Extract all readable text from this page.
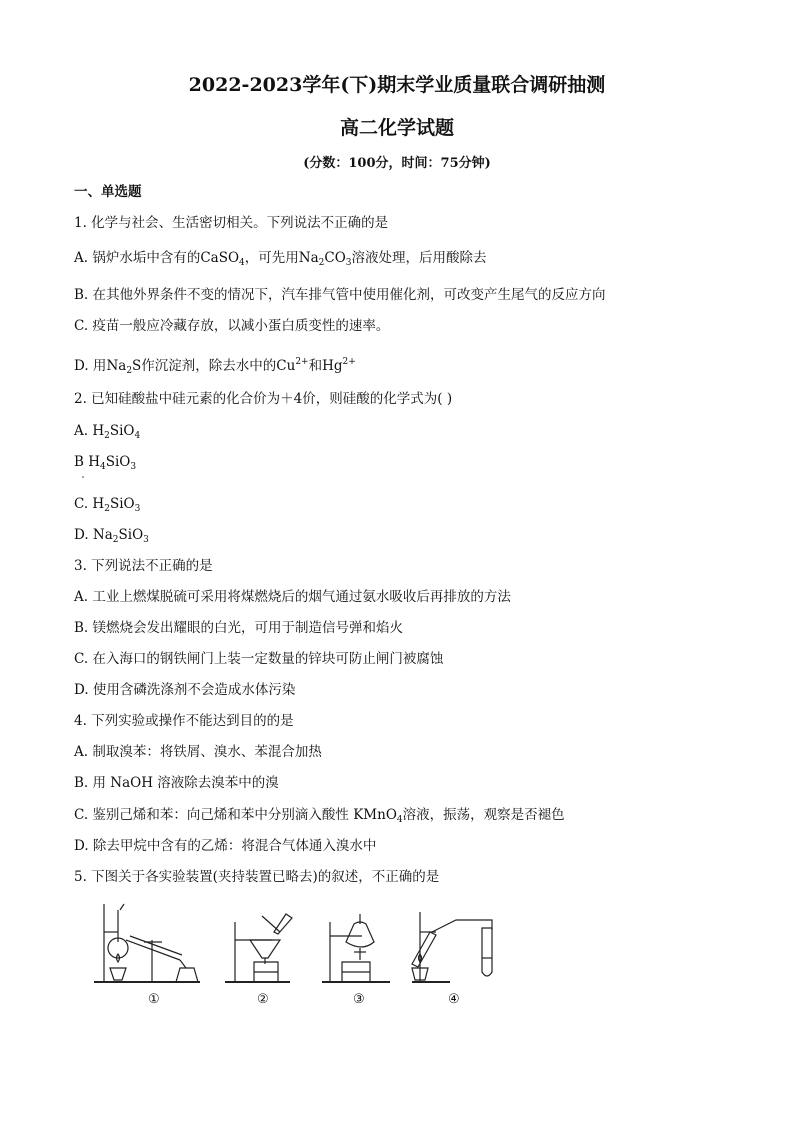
2022-2023学年(下)期末学业质量联合调研抽测
高二化学试题
(分数：100分，时间：75分钟)
一、单选题
1. 化学与社会、生活密切相关。下列说法不正确的是
A. 锅炉水垢中含有的CaSO$_4$，可先用$Na_2CO_3$溶液处理，后用酸除去
B. 在其他外界条件不变的情况下，汽车排气管中使用催化剂，可改变产生尾气的反应方向
C. 疫苗一般应冷藏存放，以减小蛋白质变性的速率。
D. 用$Na_2S$作沉淀剂，除去水中的$Cu^{2+}$和$Hg^{2+}$
2. 已知硅酸盐中硅元素的化合价为＋4价，则硅酸的化学式为( )
A. $H_2SiO_4$
B $H_4SiO_3$
C. $H_2SiO_3$
D. $Na_2SiO_3$
3. 下列说法不正确的是
A. 工业上燃煤脱硫可采用将煤燃烧后的烟气通过氨水吸收后再排放的方法
B. 镁燃烧会发出耀眼的白光，可用于制造信号弹和焰火
C. 在入海口的钢铁闸门上装一定数量的锌块可防止闸门被腐蚀
D. 使用含磷洗涤剂不会造成水体污染
4. 下列实验或操作不能达到目的的是
A. 制取溴苯：将铁屑、溴水、苯混合加热
B. 用 NaOH 溶液除去溴苯中的溴
C. 鉴别己烯和苯：向己烯和苯中分别滴入酸性 KMnO$_4$溶液，振荡，观察是否褪色
D. 除去甲烷中含有的乙烯：将混合气体通入溴水中
5. 下图关于各实验装置(夹持装置已略去)的叙述，不正确的是
①	②	③	④
